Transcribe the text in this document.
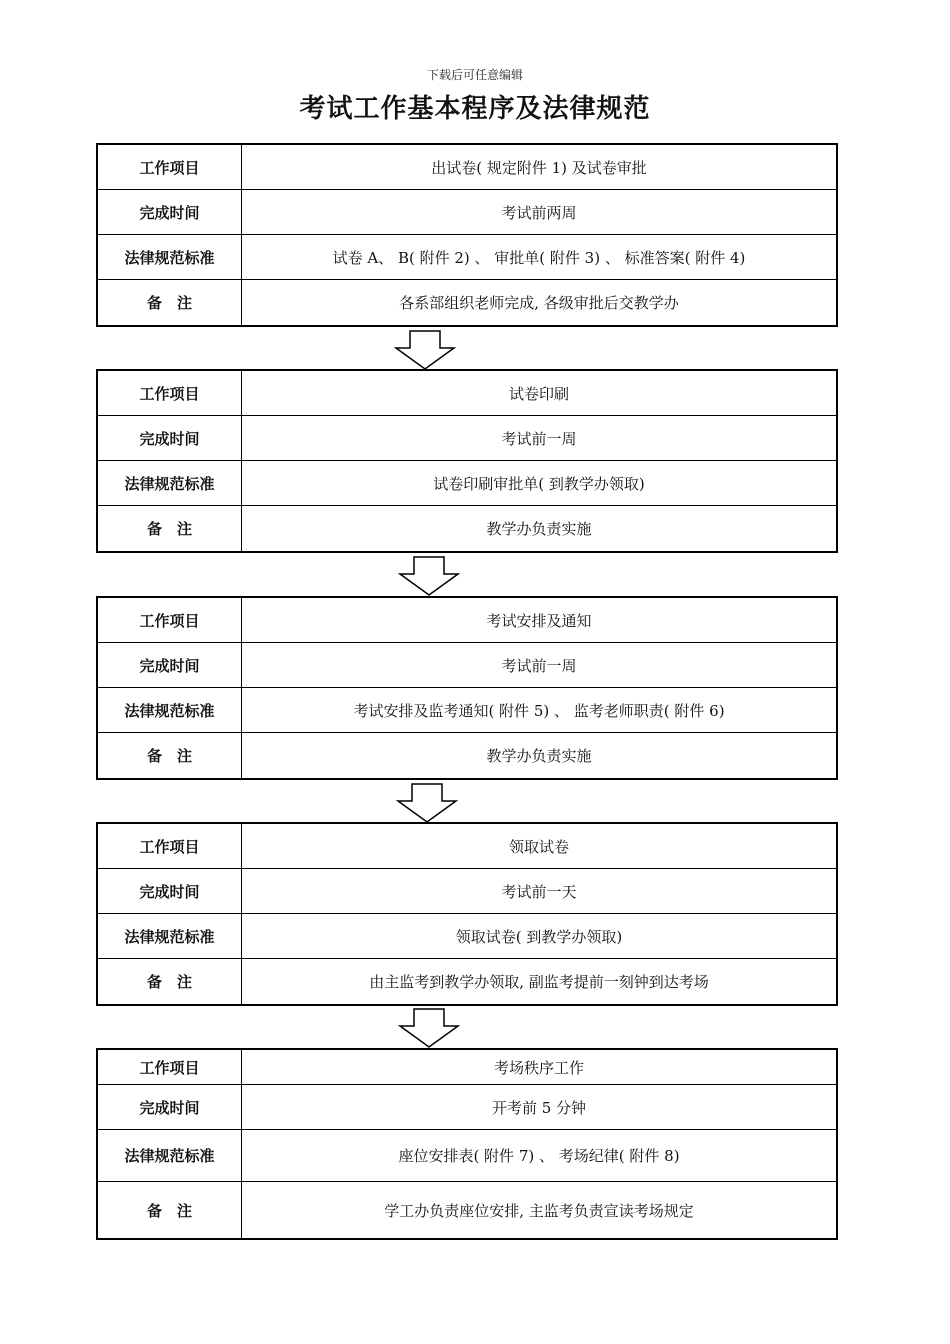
下载后可任意编辑
考试工作基本程序及法律规范
工作项目	出试卷( 规定附件 1) 及试卷审批
完成时间	考试前两周
法律规范标准	试卷 A、 B( 附件 2) 、 审批单( 附件 3) 、 标准答案( 附件 4)
备　注	各系部组织老师完成, 各级审批后交教学办
工作项目	试卷印刷
完成时间	考试前一周
法律规范标准	试卷印刷审批单( 到教学办领取)
备　注	教学办负责实施
工作项目	考试安排及通知
完成时间	考试前一周
法律规范标准	考试安排及监考通知( 附件 5) 、 监考老师职责( 附件 6)
备　注	教学办负责实施
工作项目	领取试卷
完成时间	考试前一天
法律规范标准	领取试卷( 到教学办领取)
备　注	由主监考到教学办领取, 副监考提前一刻钟到达考场
工作项目	考场秩序工作
完成时间	开考前 5 分钟
法律规范标准	座位安排表( 附件 7) 、 考场纪律( 附件 8)
备　注	学工办负责座位安排, 主监考负责宣读考场规定
